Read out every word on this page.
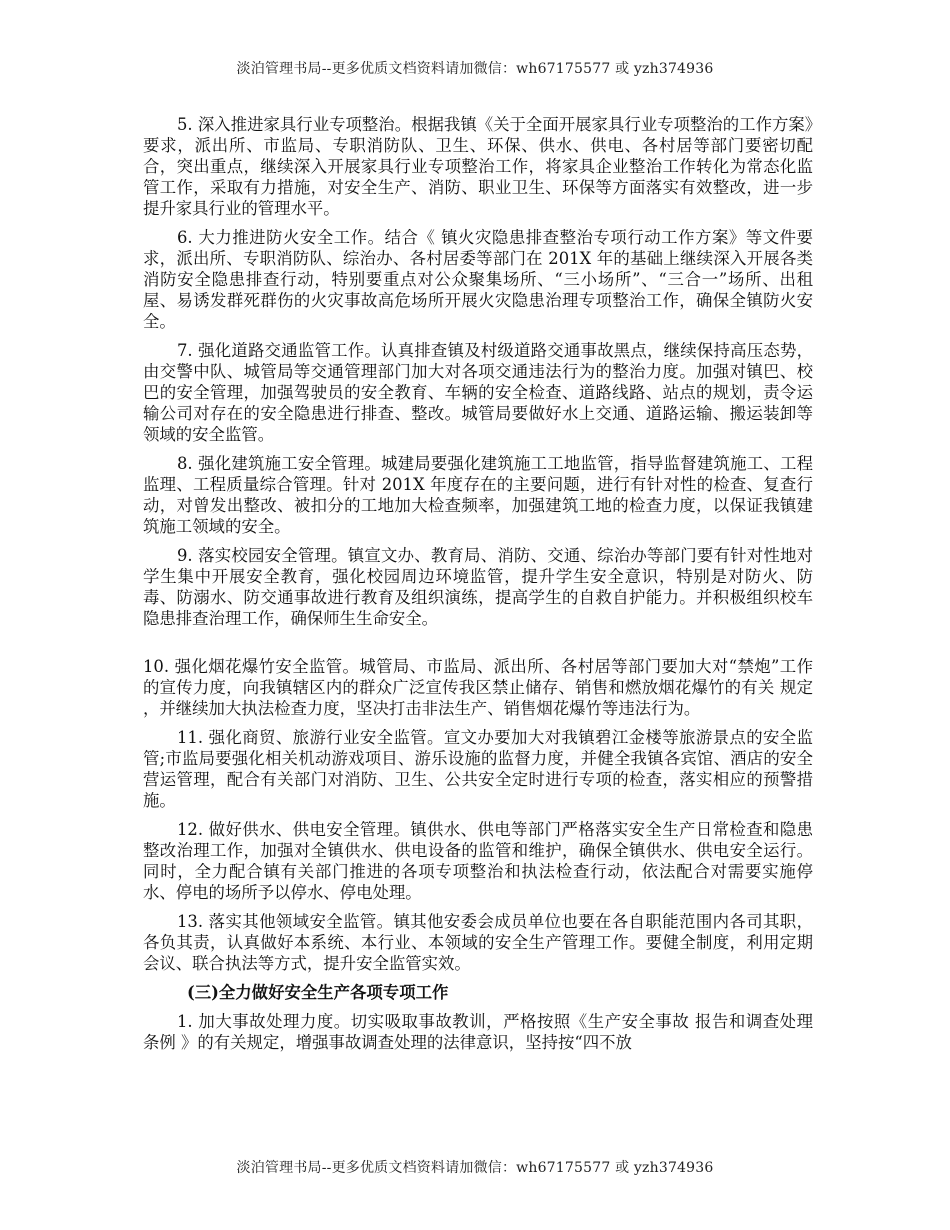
淡泊管理书局--更多优质文档资料请加微信：wh67175577 或 yzh374936

5. 深入推进家具行业专项整治。根据我镇《关于全面开展家具行业专项整治的工作方案》要求，派出所、市监局、专职消防队、卫生、环保、供水、供电、各村居等部门要密切配合，突出重点，继续深入开展家具行业专项整治工作，将家具企业整治工作转化为常态化监管工作，采取有力措施，对安全生产、消防、职业卫生、环保等方面落实有效整改，进一步提升家具行业的管理水平。

6. 大力推进防火安全工作。结合《 镇火灾隐患排查整治专项行动工作方案》等文件要求，派出所、专职消防队、综治办、各村居委等部门在 201X 年的基础上继续深入开展各类消防安全隐患排查行动，特别要重点对公众聚集场所、“三小场所”、“三合一”场所、出租屋、易诱发群死群伤的火灾事故高危场所开展火灾隐患治理专项整治工作，确保全镇防火安全。

7. 强化道路交通监管工作。认真排查镇及村级道路交通事故黑点，继续保持高压态势，由交警中队、城管局等交通管理部门加大对各项交通违法行为的整治力度。加强对镇巴、校巴的安全管理，加强驾驶员的安全教育、车辆的安全检查、道路线路、站点的规划，责令运输公司对存在的安全隐患进行排查、整改。城管局要做好水上交通、道路运输、搬运装卸等领域的安全监管。

8. 强化建筑施工安全管理。城建局要强化建筑施工工地监管，指导监督建筑施工、工程监理、工程质量综合管理。针对 201X 年度存在的主要问题，进行有针对性的检查、复查行动，对曾发出整改、被扣分的工地加大检查频率，加强建筑工地的检查力度，以保证我镇建筑施工领域的安全。

9. 落实校园安全管理。镇宣文办、教育局、消防、交通、综治办等部门要有针对性地对学生集中开展安全教育，强化校园周边环境监管，提升学生安全意识，特别是对防火、防毒、防溺水、防交通事故进行教育及组织演练，提高学生的自救自护能力。并积极组织校车隐患排查治理工作，确保师生生命安全。

10. 强化烟花爆竹安全监管。城管局、市监局、派出所、各村居等部门要加大对“禁炮”工作的宣传力度，向我镇辖区内的群众广泛宣传我区禁止储存、销售和燃放烟花爆竹的有关 规定 ，并继续加大执法检查力度，坚决打击非法生产、销售烟花爆竹等违法行为。

11. 强化商贸、旅游行业安全监管。宣文办要加大对我镇碧江金楼等旅游景点的安全监管;市监局要强化相关机动游戏项目、游乐设施的监督力度，并健全我镇各宾馆、酒店的安全营运管理，配合有关部门对消防、卫生、公共安全定时进行专项的检查，落实相应的预警措施。

12. 做好供水、供电安全管理。镇供水、供电等部门严格落实安全生产日常检查和隐患整改治理工作，加强对全镇供水、供电设备的监管和维护，确保全镇供水、供电安全运行。同时，全力配合镇有关部门推进的各项专项整治和执法检查行动，依法配合对需要实施停水、停电的场所予以停水、停电处理。

13. 落实其他领域安全监管。镇其他安委会成员单位也要在各自职能范围内各司其职，各负其责，认真做好本系统、本行业、本领域的安全生产管理工作。要健全制度，利用定期会议、联合执法等方式，提升安全监管实效。

(三)全力做好安全生产各项专项工作

1. 加大事故处理力度。切实吸取事故教训，严格按照《生产安全事故 报告和调查处理 条例 》的有关规定，增强事故调查处理的法律意识，坚持按“四不放

淡泊管理书局--更多优质文档资料请加微信：wh67175577 或 yzh374936
